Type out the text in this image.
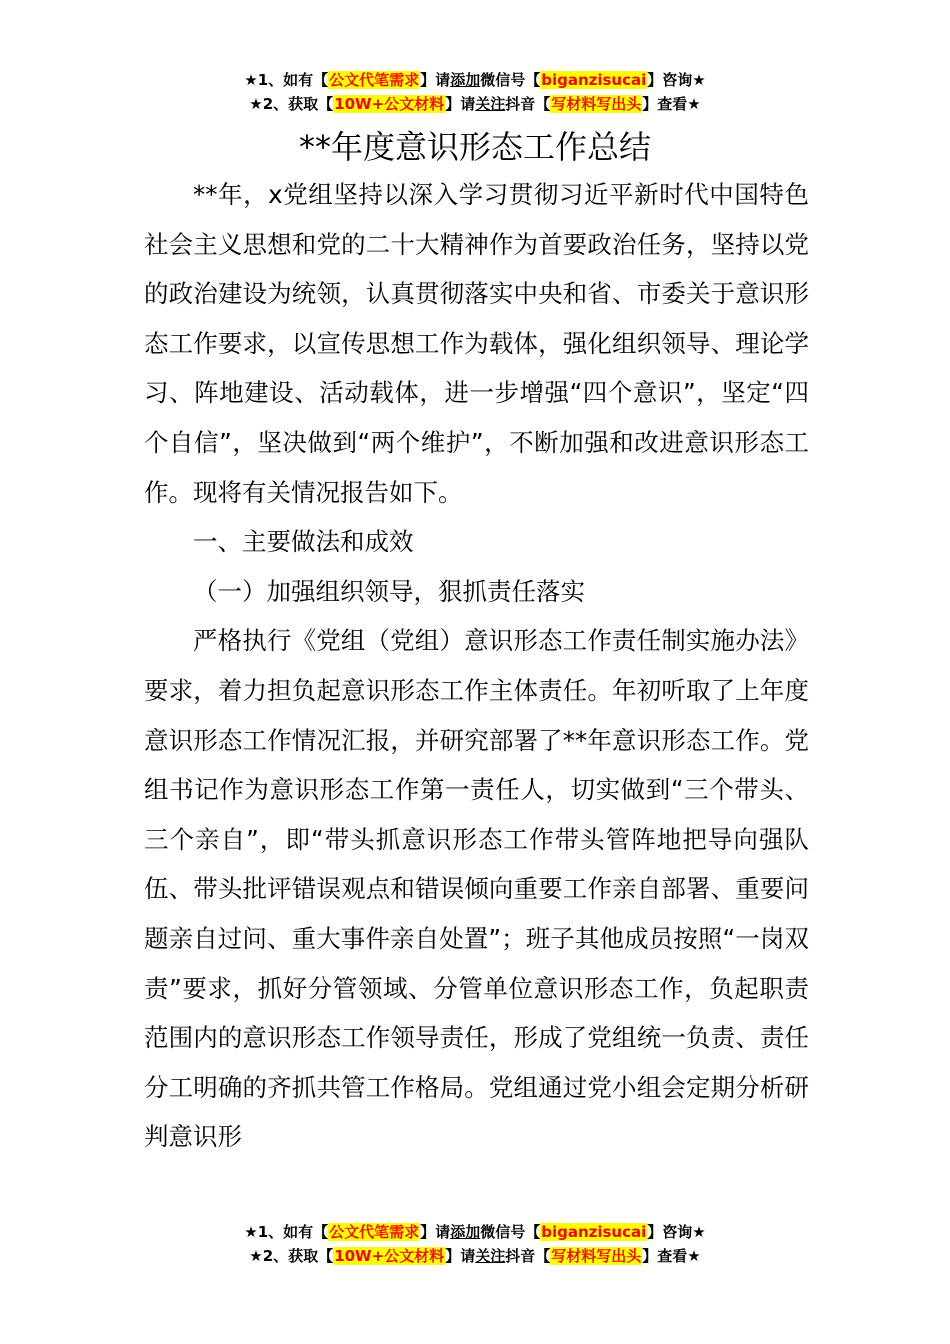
★1、如有【公文代笔需求】请添加微信号【biganzisucai】咨询★
★2、获取【10W+公文材料】请关注抖音【写材料写出头】查看★
**年度意识形态工作总结

**年，x党组坚持以深入学习贯彻习近平新时代中国特色社会主义思想和党的二十大精神作为首要政治任务，坚持以党的政治建设为统领，认真贯彻落实中央和省、市委关于意识形态工作要求，以宣传思想工作为载体，强化组织领导、理论学习、阵地建设、活动载体，进一步增强“四个意识”，坚定“四个自信”，坚决做到“两个维护”，不断加强和改进意识形态工作。现将有关情况报告如下。

一、主要做法和成效

（一）加强组织领导，狠抓责任落实

严格执行《党组（党组）意识形态工作责任制实施办法》要求，着力担负起意识形态工作主体责任。年初听取了上年度意识形态工作情况汇报，并研究部署了**年意识形态工作。党组书记作为意识形态工作第一责任人，切实做到“三个带头、三个亲自”，即“带头抓意识形态工作带头管阵地把导向强队伍、带头批评错误观点和错误倾向重要工作亲自部署、重要问题亲自过问、重大事件亲自处置”；班子其他成员按照“一岗双责”要求，抓好分管领域、分管单位意识形态工作，负起职责范围内的意识形态工作领导责任，形成了党组统一负责、责任分工明确的齐抓共管工作格局。党组通过党小组会定期分析研判意识形

★1、如有【公文代笔需求】请添加微信号【biganzisucai】咨询★
★2、获取【10W+公文材料】请关注抖音【写材料写出头】查看★
